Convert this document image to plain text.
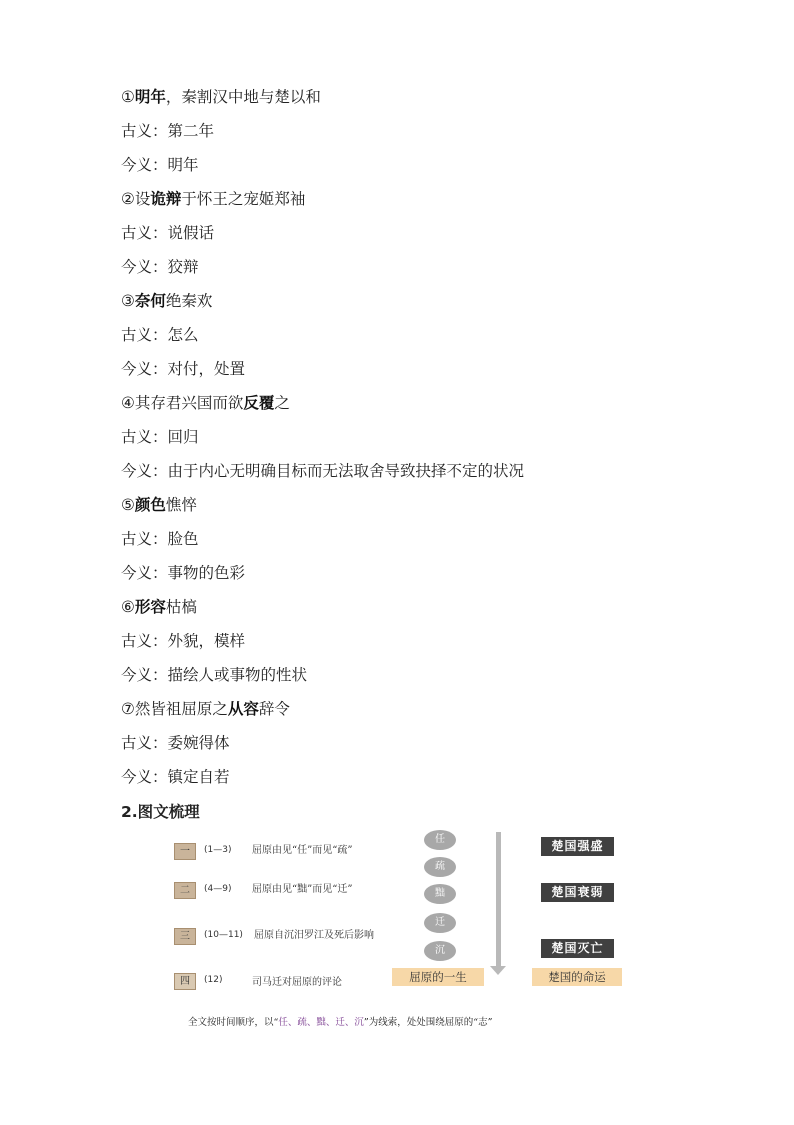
①明年，秦割汉中地与楚以和
古义：第二年
今义：明年
②设诡辩于怀王之宠姬郑袖
古义：说假话
今义：狡辩
③奈何绝秦欢
古义：怎么
今义：对付，处置
④其存君兴国而欲反覆之
古义：回归
今义：由于内心无明确目标而无法取舍导致抉择不定的状况
⑤颜色憔悴
古义：脸色
今义：事物的色彩
⑥形容枯槁
古义：外貌，模样
今义：描绘人或事物的性状
⑦然皆祖屈原之从容辞令
古义：委婉得体
今义：镇定自若
2.图文梳理
一	(1—3) 屈原由见“任”而见“疏”
二	(4—9) 屈原由见“黜”而见“迁”
三	(10—11) 屈原自沉汨罗江及死后影响
四	(12)	司马迁对屈原的评论
任
疏
黜
迁
沉
楚国强盛
楚国衰弱
楚国灭亡
屈原的一生	楚国的命运
全文按时间顺序，以“任、疏、黜、迁、沉”为线索，处处围绕屈原的“志”
